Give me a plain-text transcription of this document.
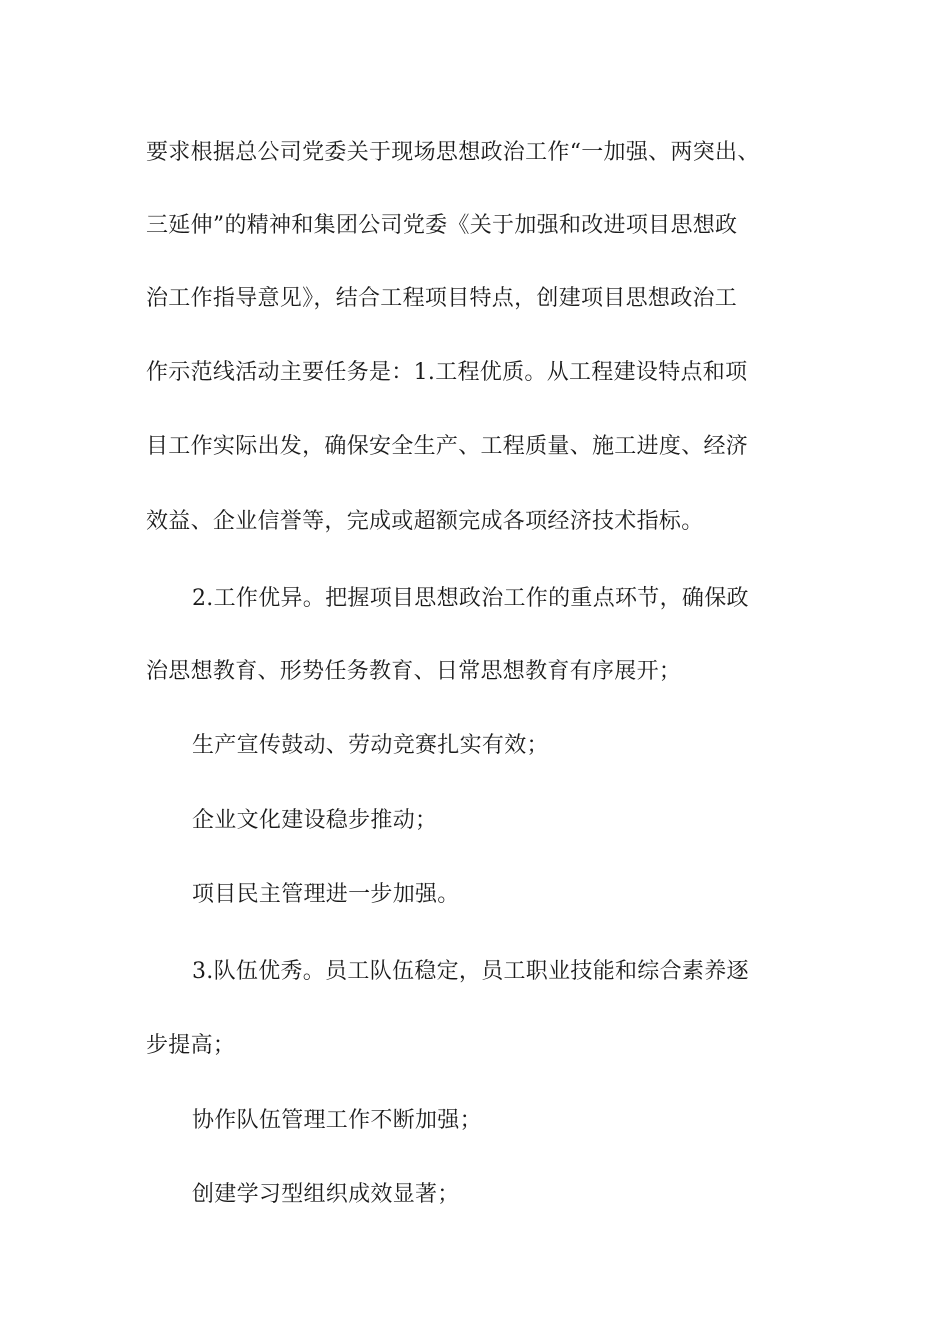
要求根据总公司党委关于现场思想政治工作“一加强、两突出、
三延伸”的精神和集团公司党委《关于加强和改进项目思想政
治工作指导意见》，结合工程项目特点，创建项目思想政治工
作示范线活动主要任务是：1.工程优质。从工程建设特点和项
目工作实际出发，确保安全生产、工程质量、施工进度、经济
效益、企业信誉等，完成或超额完成各项经济技术指标。
2.工作优异。把握项目思想政治工作的重点环节，确保政
治思想教育、形势任务教育、日常思想教育有序展开；
生产宣传鼓动、劳动竞赛扎实有效；
企业文化建设稳步推动；
项目民主管理进一步加强。
3.队伍优秀。员工队伍稳定，员工职业技能和综合素养逐
步提高；
协作队伍管理工作不断加强；
创建学习型组织成效显著；
